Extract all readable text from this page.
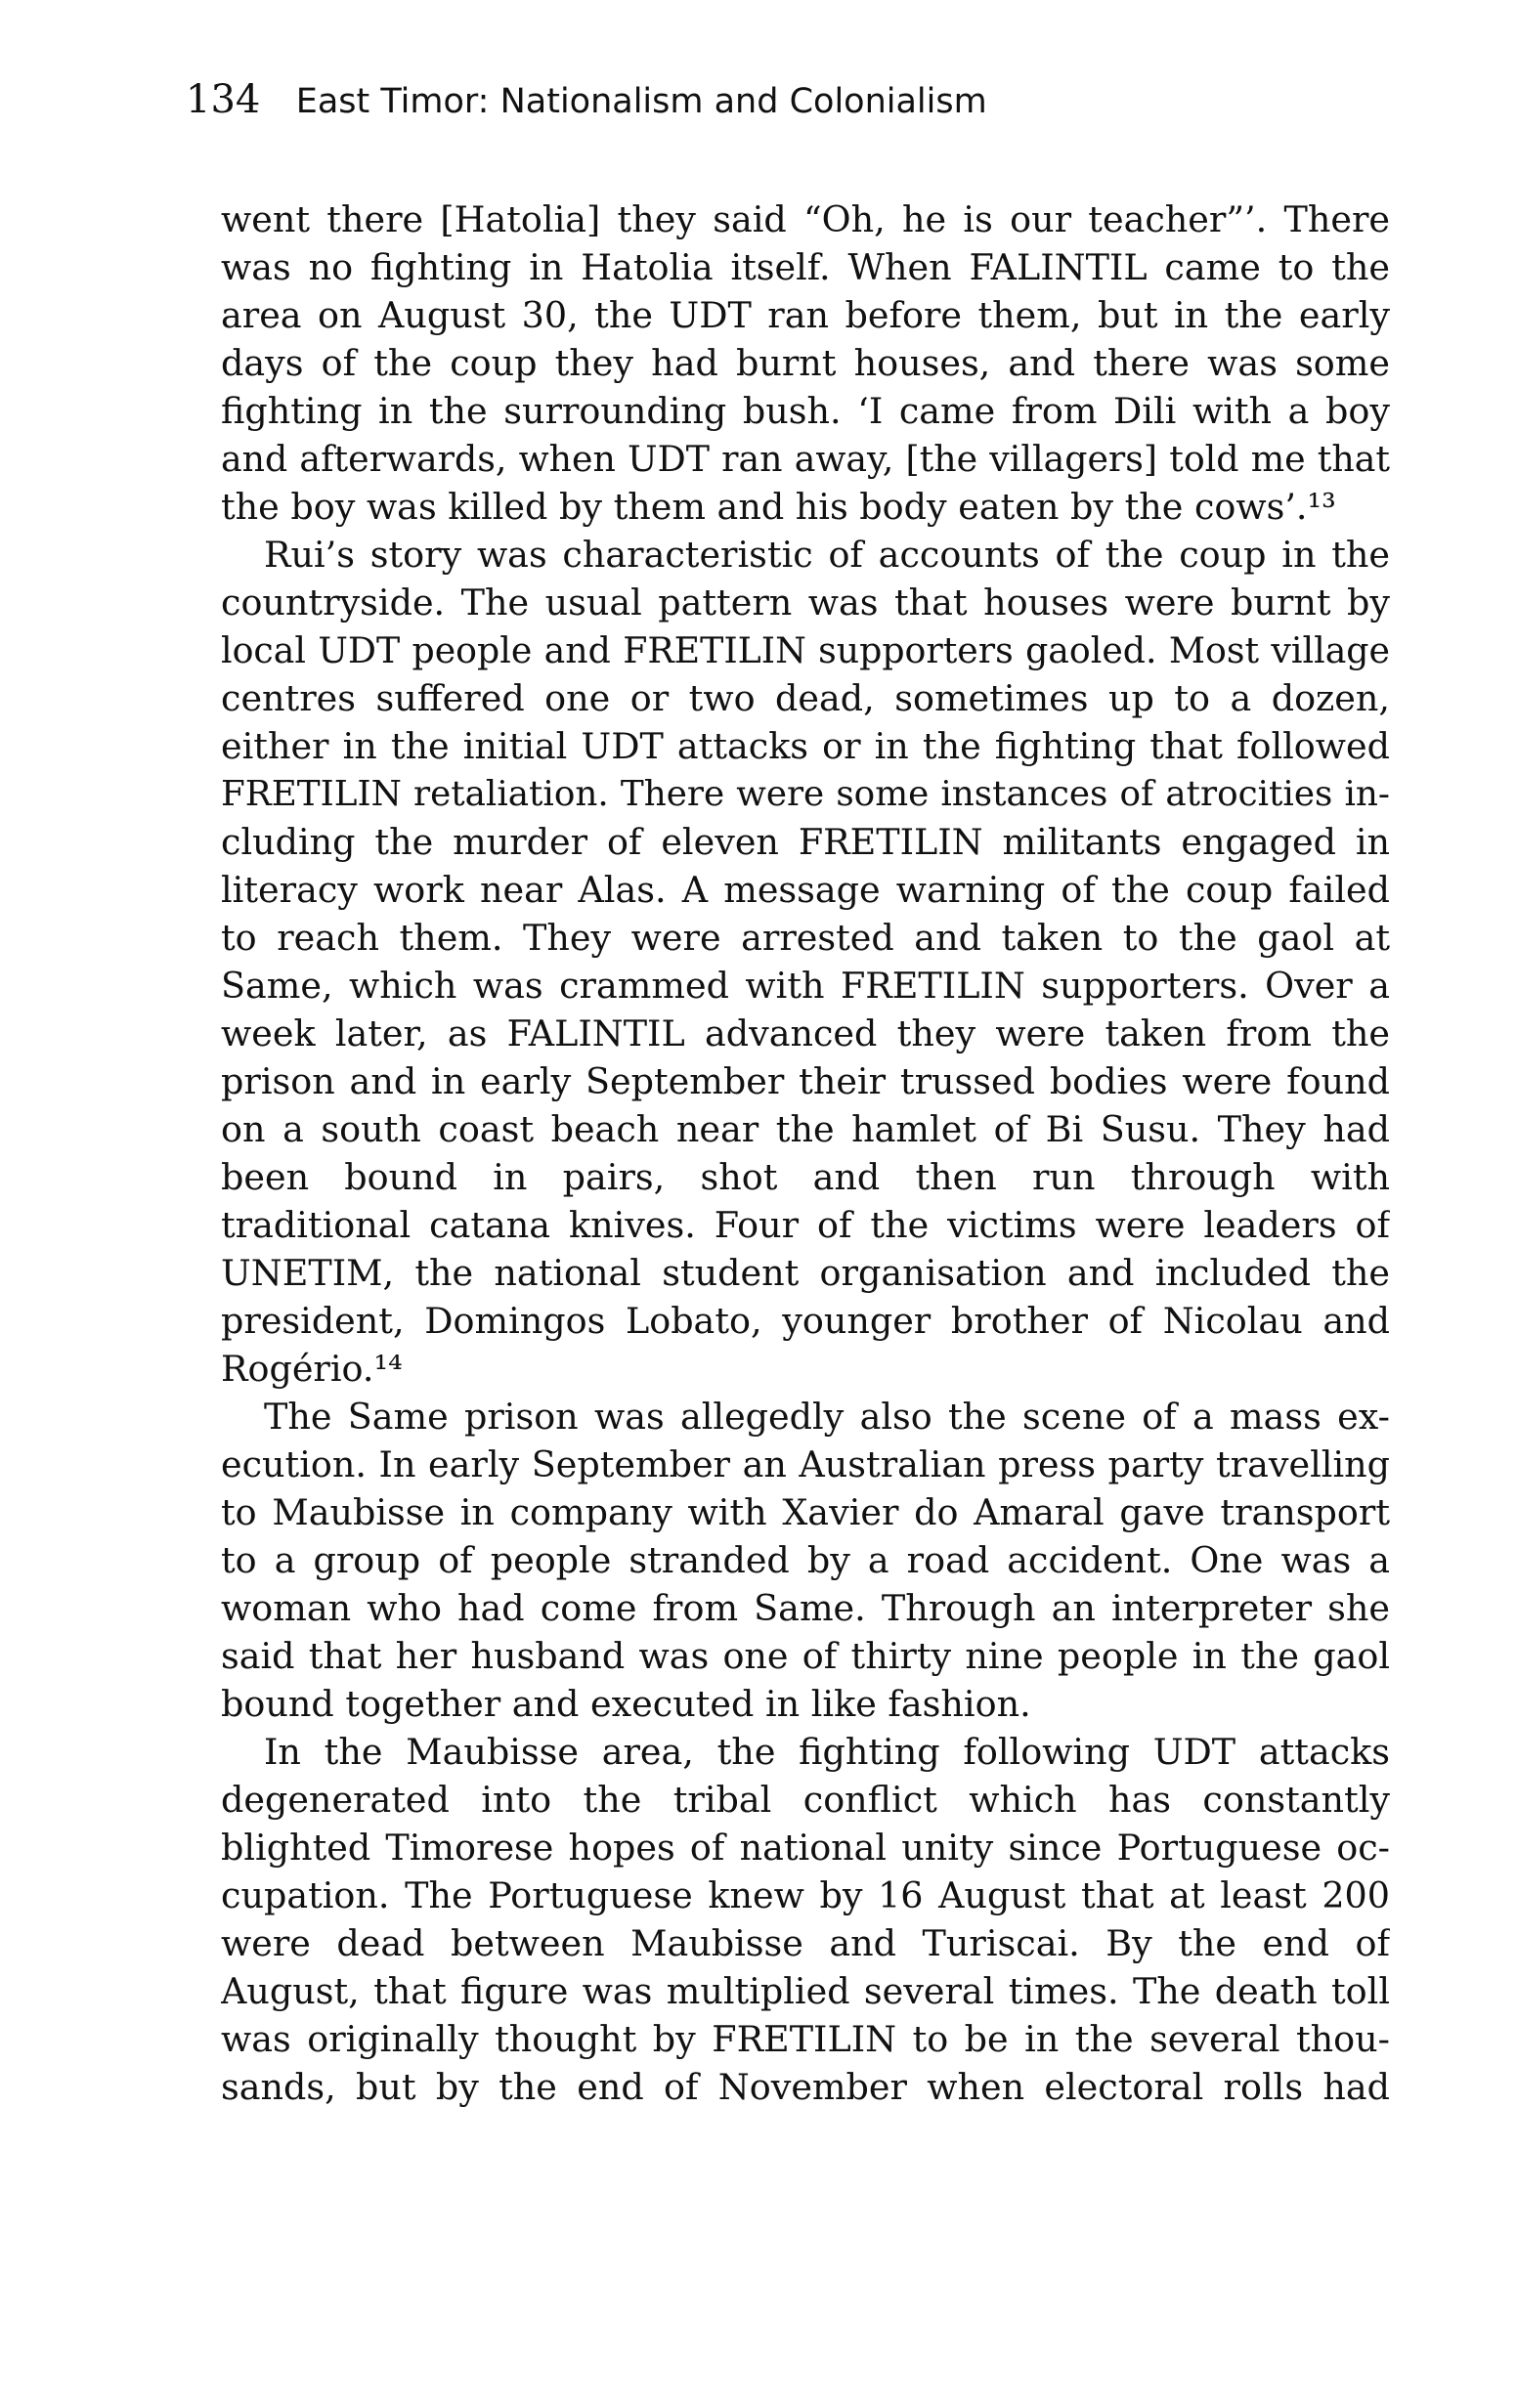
134 East Timor: Nationalism and Colonialism
went there [Hatolia] they said “Oh, he is our teacher”’. There
was no fighting in Hatolia itself. When FALINTIL came to the
area on August 30, the UDT ran before them, but in the early
days of the coup they had burnt houses, and there was some
fighting in the surrounding bush. ‘I came from Dili with a boy
and afterwards, when UDT ran away, [the villagers] told me that
the boy was killed by them and his body eaten by the cows’.¹³
Rui’s story was characteristic of accounts of the coup in the
countryside. The usual pattern was that houses were burnt by
local UDT people and FRETILIN supporters gaoled. Most village
centres suffered one or two dead, sometimes up to a dozen,
either in the initial UDT attacks or in the fighting that followed
FRETILIN retaliation. There were some instances of atrocities in-
cluding the murder of eleven FRETILIN militants engaged in
literacy work near Alas. A message warning of the coup failed
to reach them. They were arrested and taken to the gaol at
Same, which was crammed with FRETILIN supporters. Over a
week later, as FALINTIL advanced they were taken from the
prison and in early September their trussed bodies were found
on a south coast beach near the hamlet of Bi Susu. They had
been bound in pairs, shot and then run through with
traditional catana knives. Four of the victims were leaders of
UNETIM, the national student organisation and included the
president, Domingos Lobato, younger brother of Nicolau and
Rogério.¹⁴
The Same prison was allegedly also the scene of a mass ex-
ecution. In early September an Australian press party travelling
to Maubisse in company with Xavier do Amaral gave transport
to a group of people stranded by a road accident. One was a
woman who had come from Same. Through an interpreter she
said that her husband was one of thirty nine people in the gaol
bound together and executed in like fashion.
In the Maubisse area, the fighting following UDT attacks
degenerated into the tribal conflict which has constantly
blighted Timorese hopes of national unity since Portuguese oc-
cupation. The Portuguese knew by 16 August that at least 200
were dead between Maubisse and Turiscai. By the end of
August, that figure was multiplied several times. The death toll
was originally thought by FRETILIN to be in the several thou-
sands, but by the end of November when electoral rolls had
